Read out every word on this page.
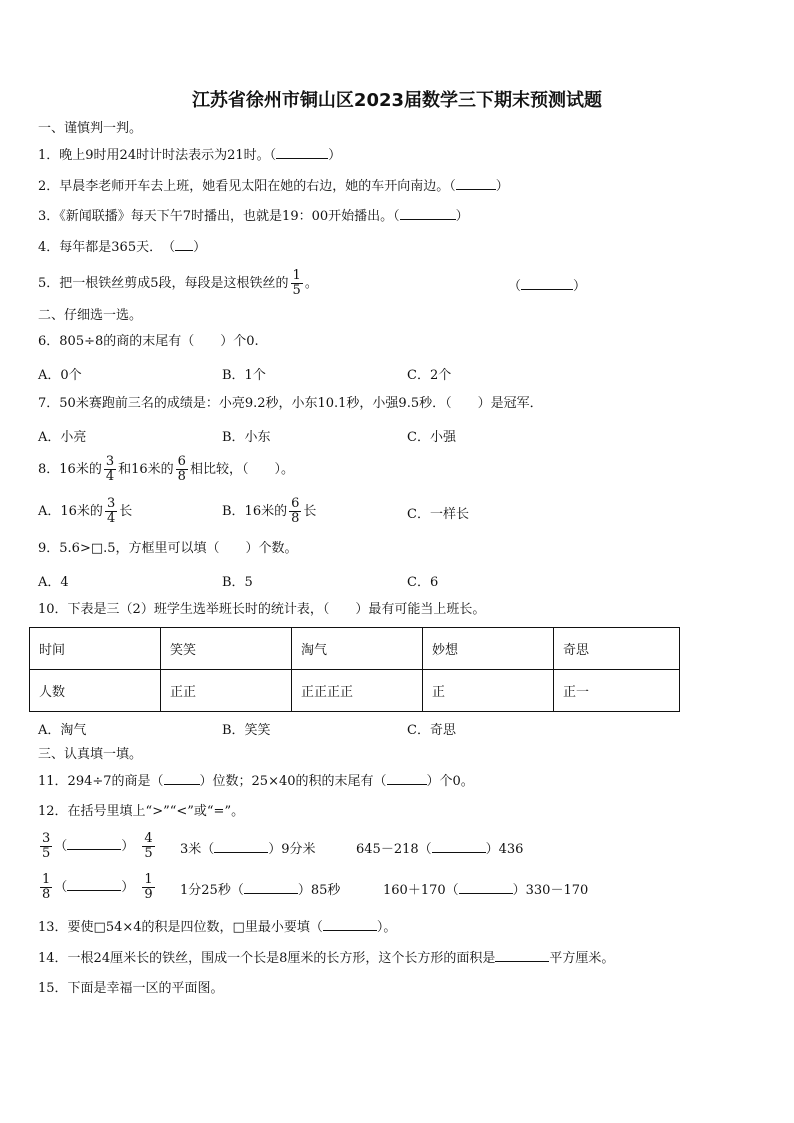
江苏省徐州市铜山区2023届数学三下期末预测试题
一、谨慎判一判。
1．晚上9时用24时计时法表示为21时。（	）
2．早晨李老师开车去上班，她看见太阳在她的右边，她的车开向南边。（	）
3．《新闻联播》每天下午7时播出，也就是19：00开始播出。（	）
4．每年都是365天．　（ ）
5．把一根铁丝剪成5段，每段是这根铁丝的 $\frac{1}{5}$ 。	（	）
二、仔细选一选。
6．805÷8的商的末尾有（　　）个0.
A．0个	B．1个	C．2个
7．50米赛跑前三名的成绩是：小亮9.2秒，小东10.1秒，小强9.5秒．（　　）是冠军．
A．小亮	B．小东	C．小强
8．16米的 $\frac{3}{4}$ 和16米的 $\frac{6}{8}$ 相比较，（　　）。
A．16米的 $\frac{3}{4}$ 长	B．16米的 $\frac{6}{8}$ 长	C．一样长
9．5.6>□.5，方框里可以填（　　）个数。
A．4	B．5	C．6
10．下表是三（2）班学生选举班长时的统计表，（　　）最有可能当上班长。
时间	笑笑	淘气	妙想	奇思
人数	正正	正正正正	正	正一
A．淘气	B．笑笑	C．奇思
三、认真填一填。
11．294÷7的商是（	）位数；25×40的积的末尾有（	）个0。
12．在括号里填上“>”“<”或“=”。
$\frac{3}{5}$ （	） $\frac{4}{5} 3$米（	）9分米	645－218（	）436
$\frac{1}{8}$ （	） $\frac{1}{9} 1$分25秒（	）85秒	160＋170（	）330－170
13．要使□54×4的积是四位数，□里最小要填（	）。
14．一根24厘米长的铁丝，围成一个长是8厘米的长方形，这个长方形的面积是	平方厘米。
15．下面是幸福一区的平面图。
